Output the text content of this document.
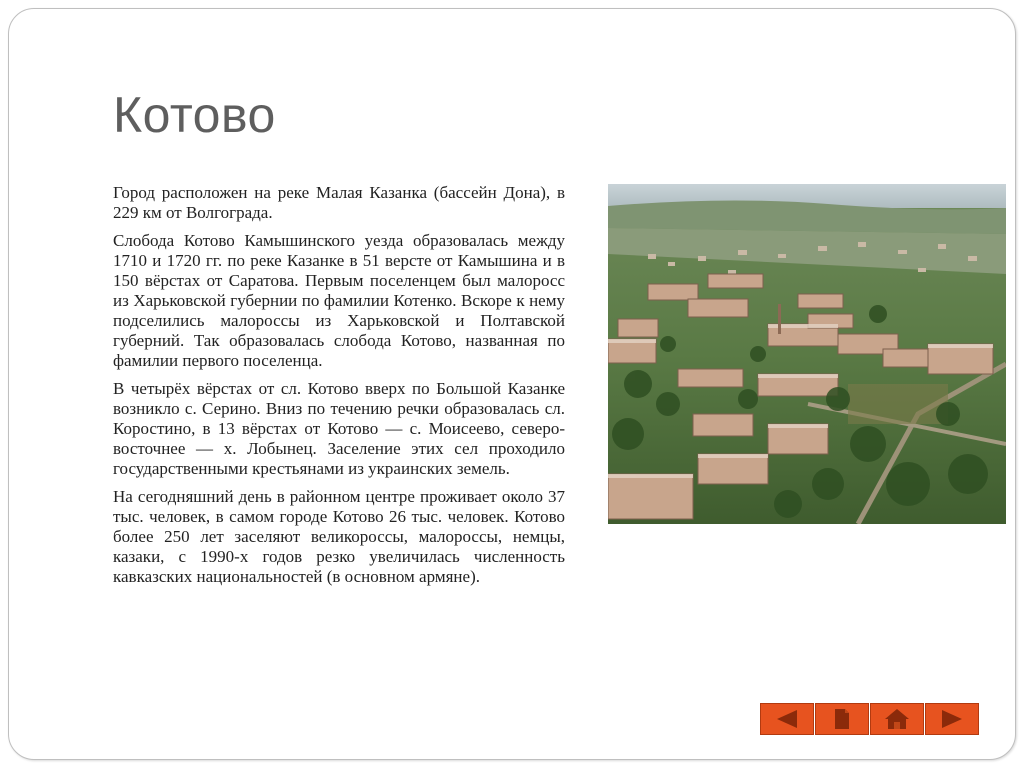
Котово

Город расположен на реке Малая Казанка (бассейн Дона), в 229 км от Волгограда.

Слобода Котово Камышинского уезда образовалась между 1710 и 1720 гг. по реке Казанке в 51 версте от Камышина и в 150 вёрстах от Саратова. Первым поселенцем был малоросс из Харьковской губернии по фамилии Котенко. Вскоре к нему подселились малороссы из Харьковской и Полтавской губерний. Так образовалась слобода Котово, названная по фамилии первого поселенца.

В четырёх вёрстах от сл. Котово вверх по Большой Казанке возникло с. Серино. Вниз по течению речки образовалась сл. Коростино, в 13 вёрстах от Котово — с. Моисеево, северо-восточнее — х. Лобынец. Заселение этих сел проходило государственными крестьянами из украинских земель.

На сегодняшний день в районном центре проживает около 37 тыс. человек, в самом городе Котово 26 тыс. человек. Котово более 250 лет заселяют великороссы, малороссы, немцы, казаки, с 1990-х годов резко увеличилась численность кавказских национальностей (в основном армяне).
